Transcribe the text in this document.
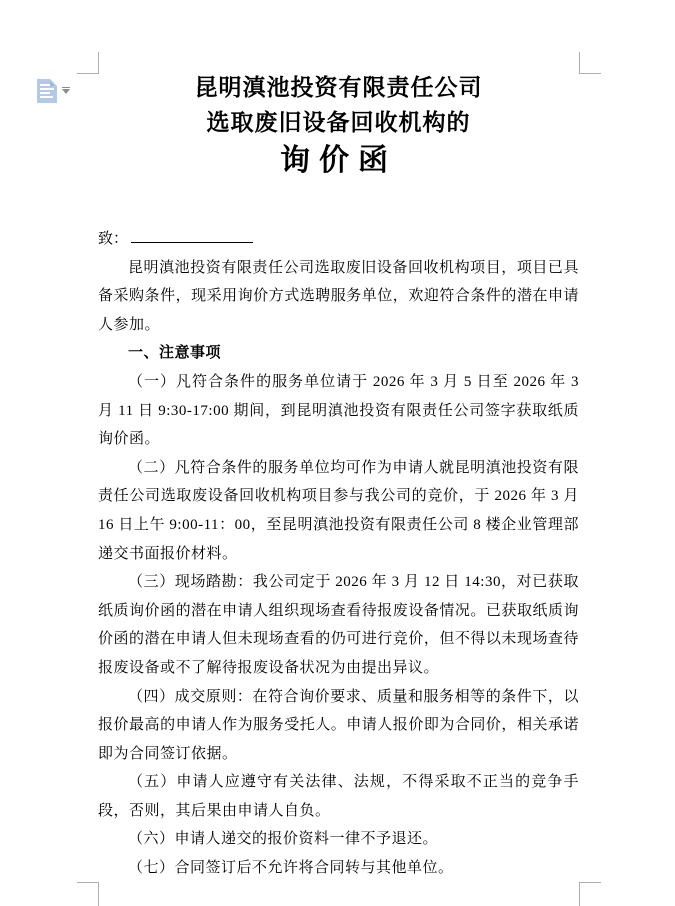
昆明滇池投资有限责任公司
选取废旧设备回收机构的
询价函
致：

昆明滇池投资有限责任公司选取废旧设备回收机构项目，项目已具备采购条件，现采用询价方式选聘服务单位，欢迎符合条件的潜在申请人参加。

一、注意事项

（一）凡符合条件的服务单位请于 2026 年 3 月 5 日至 2026 年 3 月 11 日 9:30-17:00 期间，到昆明滇池投资有限责任公司签字获取纸质询价函。

（二）凡符合条件的服务单位均可作为申请人就昆明滇池投资有限责任公司选取废设备回收机构项目参与我公司的竞价，于 2026 年 3 月 16 日上午 9:00-11：00，至昆明滇池投资有限责任公司 8 楼企业管理部递交书面报价材料。

（三）现场踏勘：我公司定于 2026 年 3 月 12 日 14:30，对已获取纸质询价函的潜在申请人组织现场查看待报废设备情况。已获取纸质询价函的潜在申请人但未现场查看的仍可进行竞价，但不得以未现场查待报废设备或不了解待报废设备状况为由提出异议。

（四）成交原则：在符合询价要求、质量和服务相等的条件下，以报价最高的申请人作为服务受托人。申请人报价即为合同价，相关承诺即为合同签订依据。

（五）申请人应遵守有关法律、法规，不得采取不正当的竞争手段，否则，其后果由申请人自负。

（六）申请人递交的报价资料一律不予退还。

（七）合同签订后不允许将合同转与其他单位。
